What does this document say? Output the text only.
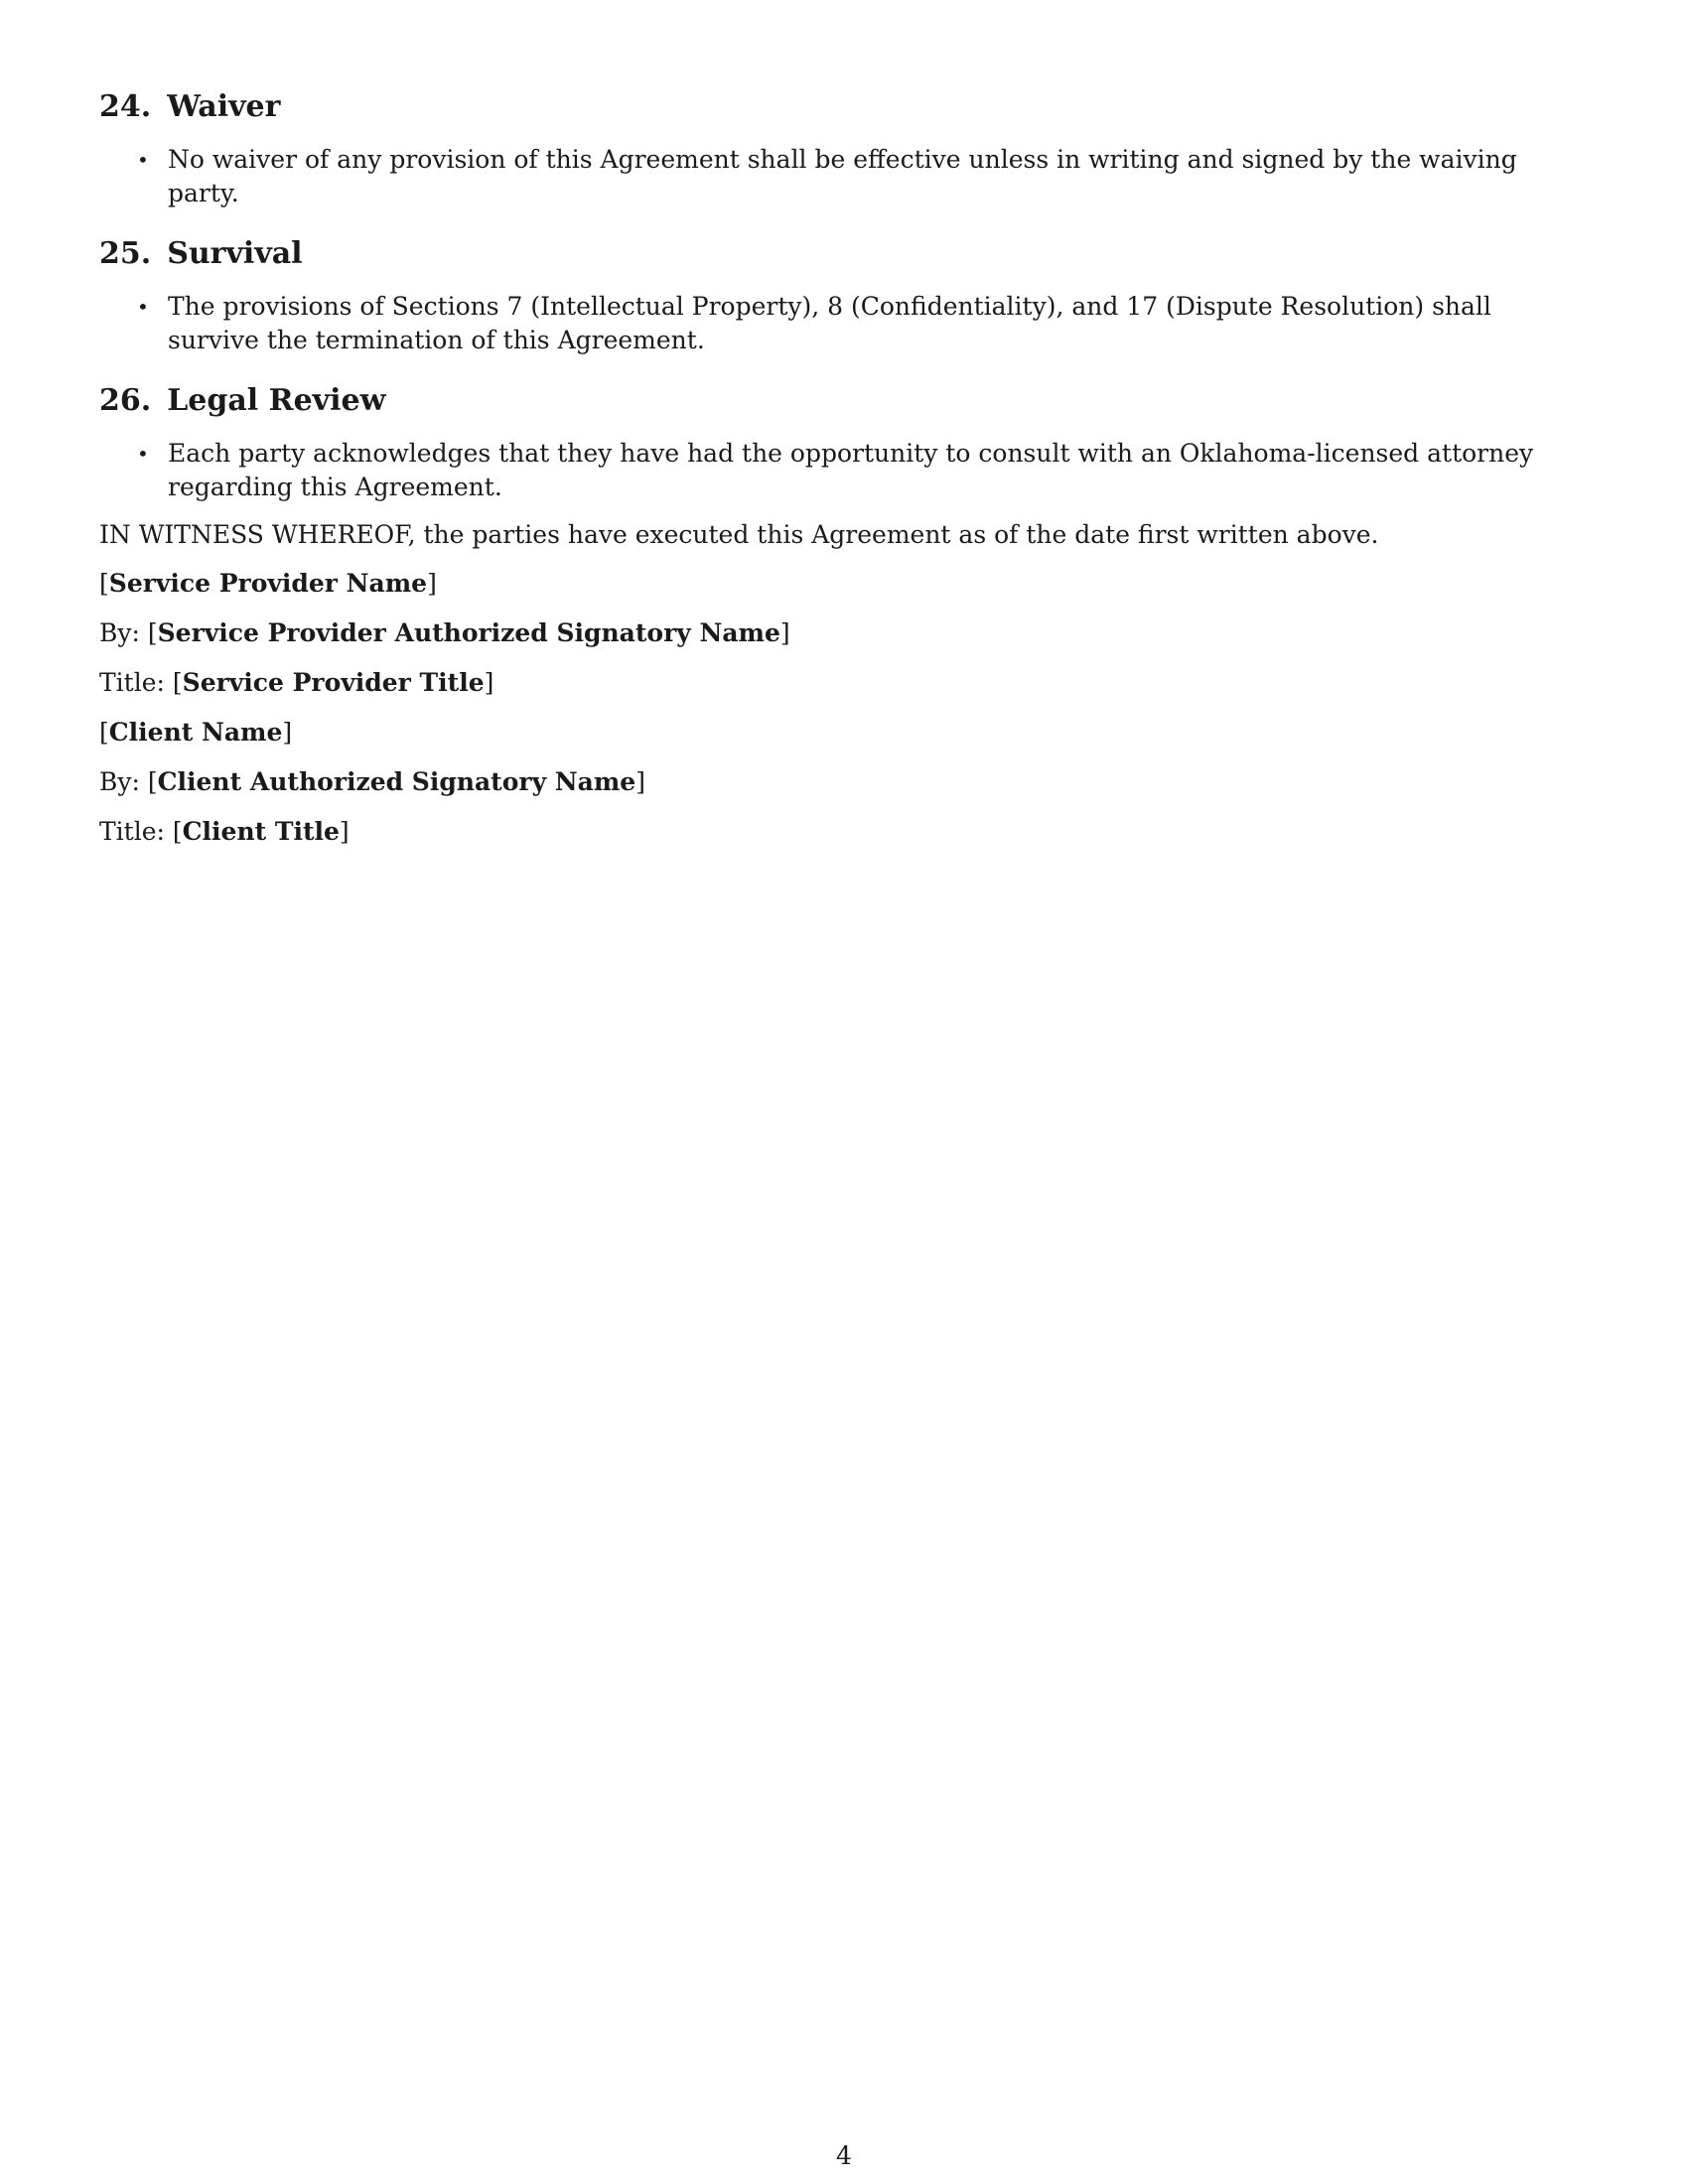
24. Waiver
• No waiver of any provision of this Agreement shall be effective unless in writing and signed by the waiving party.
25. Survival
• The provisions of Sections 7 (Intellectual Property), 8 (Confidentiality), and 17 (Dispute Resolution) shall survive the termination of this Agreement.
26. Legal Review
• Each party acknowledges that they have had the opportunity to consult with an Oklahoma-licensed attorney regarding this Agreement.

IN WITNESS WHEREOF, the parties have executed this Agreement as of the date first written above.

[Service Provider Name]

By: [Service Provider Authorized Signatory Name]

Title: [Service Provider Title]

[Client Name]

By: [Client Authorized Signatory Name]

Title: [Client Title]

4
